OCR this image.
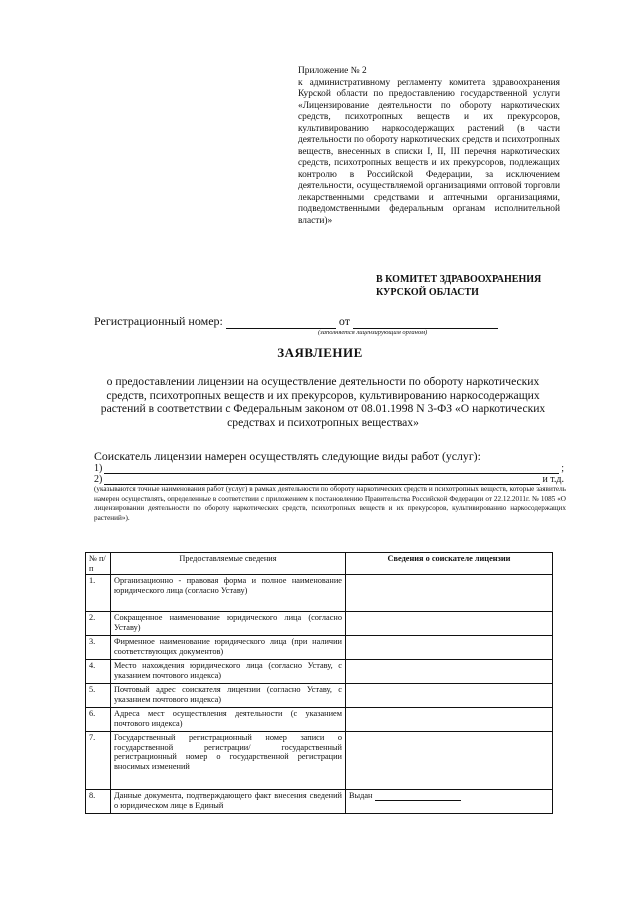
Приложение № 2
к административному регламенту комитета здравоохранения Курской области по предоставлению государственной услуги «Лицензирование деятельности по обороту наркотических средств, психотропных веществ и их прекурсоров, культивированию наркосодержащих растений (в части деятельности по обороту наркотических средств и психотропных веществ, внесенных в списки I, II, III перечня наркотических средств, психотропных веществ и их прекурсоров, подлежащих контролю в Российской Федерации, за исключением деятельности, осуществляемой организациями оптовой торговли лекарственными средствами и аптечными организациями, подведомственными федеральным органам исполнительной власти)»
В КОМИТЕТ ЗДРАВООХРАНЕНИЯ
КУРСКОЙ ОБЛАСТИ
Регистрационный номер:	от
(заполняется лицензирующим органом)
ЗАЯВЛЕНИЕ
о предоставлении лицензии на осуществление деятельности по обороту наркотических средств, психотропных веществ и их прекурсоров, культивированию наркосодержащих растений в соответствии с Федеральным законом от 08.01.1998 N 3-ФЗ «О наркотических средствах и психотропных веществах»
Соискатель лицензии намерен осуществлять следующие виды работ (услуг):
1)	;
2)	и т.д.
(указываются точные наименования работ (услуг) в рамках деятельности по обороту наркотических средств и психотропных веществ, которые заявитель намерен осуществлять, определенные в соответствии с приложением к постановлению Правительства Российской Федерации от 22.12.2011г. № 1085 «О лицензировании деятельности по обороту наркотических средств, психотропных веществ и их прекурсоров, культивированию наркосодержащих растений»).
№ п/п	Предоставляемые сведения	Сведения о соискателе лицензии
1.	Организационно - правовая форма и полное наименование юридического лица (согласно Уставу)	
2.	Сокращенное наименование юридического лица (согласно Уставу)	
3.	Фирменное наименование юридического лица (при наличии соответствующих документов)	
4.	Место нахождения юридического лица (согласно Уставу, с указанием почтового индекса)	
5.	Почтовый адрес соискателя лицензии (согласно Уставу, с указанием почтового индекса)	
6.	Адреса мест осуществления деятельности (с указанием почтового индекса)	
7.	Государственный регистрационный номер записи о государственной регистрации/ государственный регистрационный номер о государственной регистрации вносимых изменений	
8.	Данные документа, подтверждающего факт внесения сведений о юридическом лице в Единый	Выдан
